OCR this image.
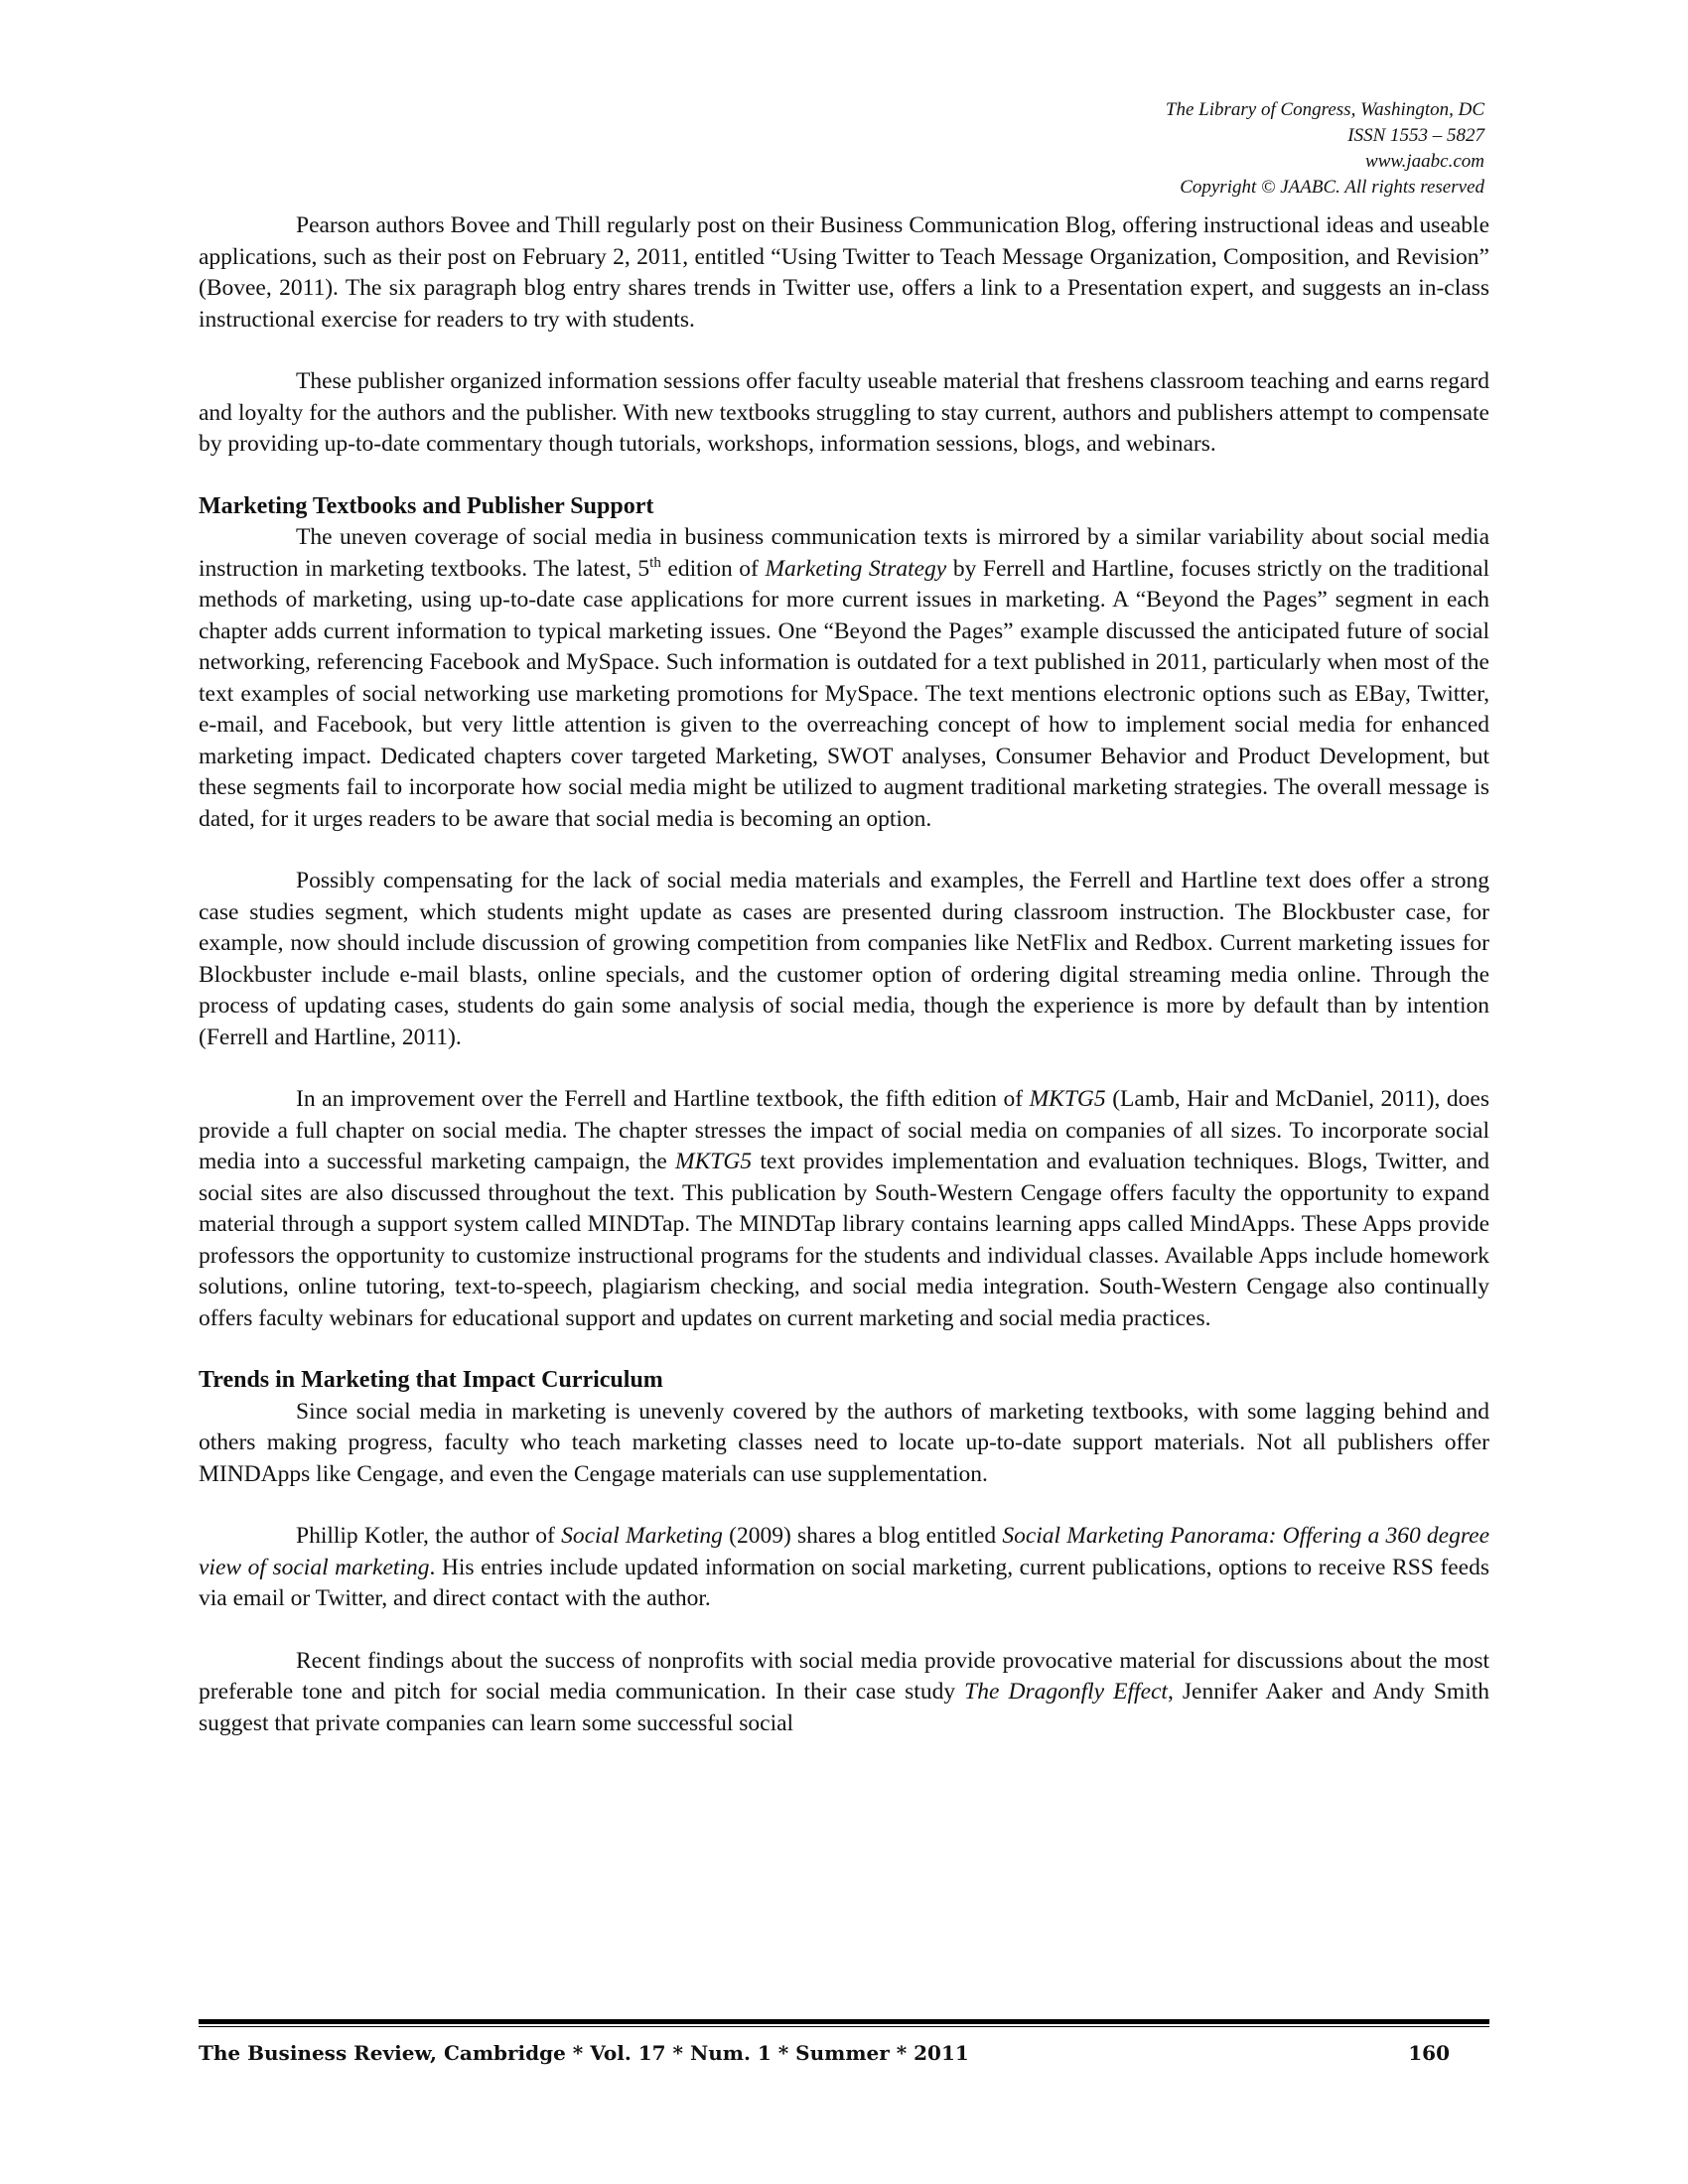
The Library of Congress, Washington, DC
ISSN 1553 – 5827
www.jaabc.com
Copyright © JAABC. All rights reserved

Pearson authors Bovee and Thill regularly post on their Business Communication Blog, offering instructional ideas and useable applications, such as their post on February 2, 2011, entitled “Using Twitter to Teach Message Organization, Composition, and Revision” (Bovee, 2011). The six paragraph blog entry shares trends in Twitter use, offers a link to a Presentation expert, and suggests an in-class instructional exercise for readers to try with students.

These publisher organized information sessions offer faculty useable material that freshens classroom teaching and earns regard and loyalty for the authors and the publisher. With new textbooks struggling to stay current, authors and publishers attempt to compensate by providing up-to-date commentary though tutorials, workshops, information sessions, blogs, and webinars.

Marketing Textbooks and Publisher Support

The uneven coverage of social media in business communication texts is mirrored by a similar variability about social media instruction in marketing textbooks. The latest, 5th edition of Marketing Strategy by Ferrell and Hartline, focuses strictly on the traditional methods of marketing, using up-to-date case applications for more current issues in marketing. A “Beyond the Pages” segment in each chapter adds current information to typical marketing issues. One “Beyond the Pages” example discussed the anticipated future of social networking, referencing Facebook and MySpace. Such information is outdated for a text published in 2011, particularly when most of the text examples of social networking use marketing promotions for MySpace. The text mentions electronic options such as EBay, Twitter, e-mail, and Facebook, but very little attention is given to the overreaching concept of how to implement social media for enhanced marketing impact. Dedicated chapters cover targeted Marketing, SWOT analyses, Consumer Behavior and Product Development, but these segments fail to incorporate how social media might be utilized to augment traditional marketing strategies. The overall message is dated, for it urges readers to be aware that social media is becoming an option.

Possibly compensating for the lack of social media materials and examples, the Ferrell and Hartline text does offer a strong case studies segment, which students might update as cases are presented during classroom instruction. The Blockbuster case, for example, now should include discussion of growing competition from companies like NetFlix and Redbox. Current marketing issues for Blockbuster include e-mail blasts, online specials, and the customer option of ordering digital streaming media online. Through the process of updating cases, students do gain some analysis of social media, though the experience is more by default than by intention (Ferrell and Hartline, 2011).

In an improvement over the Ferrell and Hartline textbook, the fifth edition of MKTG5 (Lamb, Hair and McDaniel, 2011), does provide a full chapter on social media. The chapter stresses the impact of social media on companies of all sizes. To incorporate social media into a successful marketing campaign, the MKTG5 text provides implementation and evaluation techniques. Blogs, Twitter, and social sites are also discussed throughout the text. This publication by South-Western Cengage offers faculty the opportunity to expand material through a support system called MINDTap. The MINDTap library contains learning apps called MindApps. These Apps provide professors the opportunity to customize instructional programs for the students and individual classes. Available Apps include homework solutions, online tutoring, text-to-speech, plagiarism checking, and social media integration. South-Western Cengage also continually offers faculty webinars for educational support and updates on current marketing and social media practices.

Trends in Marketing that Impact Curriculum

Since social media in marketing is unevenly covered by the authors of marketing textbooks, with some lagging behind and others making progress, faculty who teach marketing classes need to locate up-to-date support materials. Not all publishers offer MINDApps like Cengage, and even the Cengage materials can use supplementation.

Phillip Kotler, the author of Social Marketing (2009) shares a blog entitled Social Marketing Panorama: Offering a 360 degree view of social marketing. His entries include updated information on social marketing, current publications, options to receive RSS feeds via email or Twitter, and direct contact with the author.

Recent findings about the success of nonprofits with social media provide provocative material for discussions about the most preferable tone and pitch for social media communication. In their case study The Dragonfly Effect, Jennifer Aaker and Andy Smith suggest that private companies can learn some successful social

The Business Review, Cambridge * Vol. 17 * Num. 1 * Summer * 2011	160
